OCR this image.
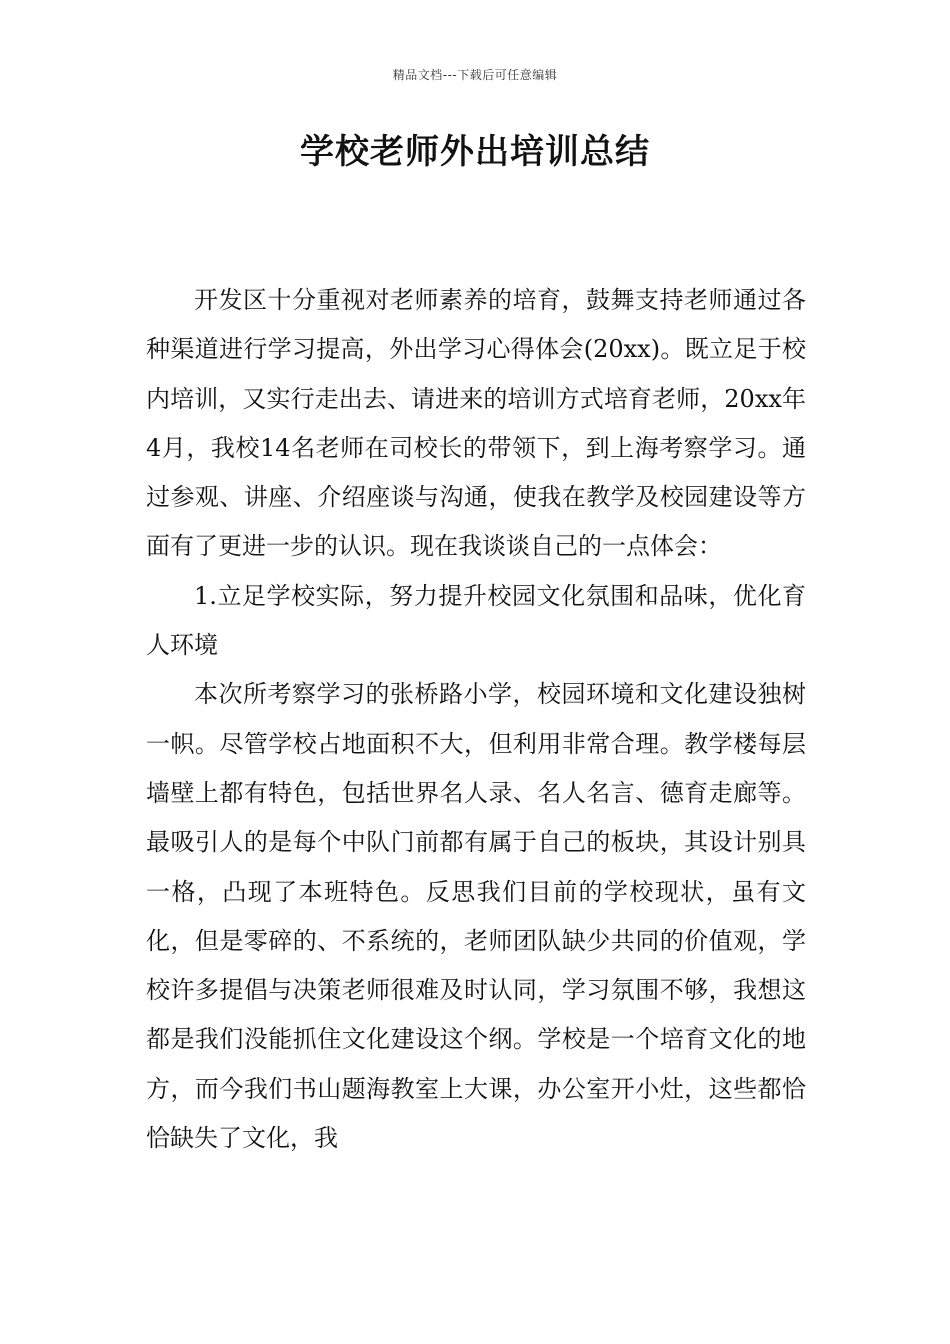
精品文档---下载后可任意编辑
学校老师外出培训总结

开发区十分重视对老师素养的培育，鼓舞支持老师通过各种渠道进行学习提高，外出学习心得体会(20xx)。既立足于校内培训，又实行走出去、请进来的培训方式培育老师，20xx年4月，我校14名老师在司校长的带领下，到上海考察学习。通过参观、讲座、介绍座谈与沟通，使我在教学及校园建设等方面有了更进一步的认识。现在我谈谈自己的一点体会：

1.立足学校实际，努力提升校园文化氛围和品味，优化育人环境

本次所考察学习的张桥路小学，校园环境和文化建设独树一帜。尽管学校占地面积不大，但利用非常合理。教学楼每层墙壁上都有特色，包括世界名人录、名人名言、德育走廊等。最吸引人的是每个中队门前都有属于自己的板块，其设计别具一格，凸现了本班特色。反思我们目前的学校现状，虽有文化，但是零碎的、不系统的，老师团队缺少共同的价值观，学校许多提倡与决策老师很难及时认同，学习氛围不够，我想这都是我们没能抓住文化建设这个纲。学校是一个培育文化的地方，而今我们书山题海教室上大课，办公室开小灶，这些都恰恰缺失了文化，我
